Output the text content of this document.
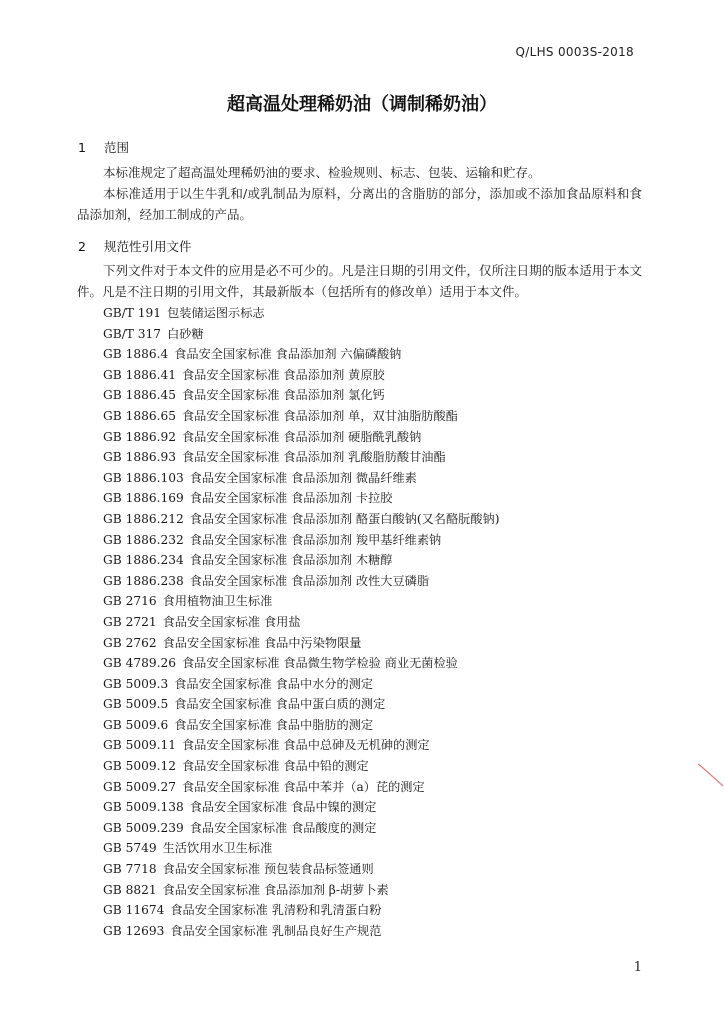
Q/LHS 0003S-2018
超高温处理稀奶油（调制稀奶油）
1 范围
本标准规定了超高温处理稀奶油的要求、检验规则、标志、包装、运输和贮存。
本标准适用于以生牛乳和/或乳制品为原料，分离出的含脂肪的部分，添加或不添加食品原料和食品添加剂，经加工制成的产品。
2 规范性引用文件
下列文件对于本文件的应用是必不可少的。凡是注日期的引用文件，仅所注日期的版本适用于本文件。凡是不注日期的引用文件，其最新版本（包括所有的修改单）适用于本文件。
GB/T 191 包装储运图示标志
GB/T 317 白砂糖
GB 1886.4 食品安全国家标准 食品添加剂 六偏磷酸钠
GB 1886.41 食品安全国家标准 食品添加剂 黄原胶
GB 1886.45 食品安全国家标准 食品添加剂 氯化钙
GB 1886.65 食品安全国家标准 食品添加剂 单，双甘油脂肪酸酯
GB 1886.92 食品安全国家标准 食品添加剂 硬脂酰乳酸钠
GB 1886.93 食品安全国家标准 食品添加剂 乳酸脂肪酸甘油酯
GB 1886.103 食品安全国家标准 食品添加剂 微晶纤维素
GB 1886.169 食品安全国家标准 食品添加剂 卡拉胶
GB 1886.212 食品安全国家标准 食品添加剂 酪蛋白酸钠(又名酪朊酸钠)
GB 1886.232 食品安全国家标准 食品添加剂 羧甲基纤维素钠
GB 1886.234 食品安全国家标准 食品添加剂 木糖醇
GB 1886.238 食品安全国家标准 食品添加剂 改性大豆磷脂
GB 2716 食用植物油卫生标准
GB 2721 食品安全国家标准 食用盐
GB 2762 食品安全国家标准 食品中污染物限量
GB 4789.26 食品安全国家标准 食品微生物学检验 商业无菌检验
GB 5009.3 食品安全国家标准 食品中水分的测定
GB 5009.5 食品安全国家标准 食品中蛋白质的测定
GB 5009.6 食品安全国家标准 食品中脂肪的测定
GB 5009.11 食品安全国家标准 食品中总砷及无机砷的测定
GB 5009.12 食品安全国家标准 食品中铅的测定
GB 5009.27 食品安全国家标准 食品中苯并（a）芘的测定
GB 5009.138 食品安全国家标准 食品中镍的测定
GB 5009.239 食品安全国家标准 食品酸度的测定
GB 5749 生活饮用水卫生标准
GB 7718 食品安全国家标准 预包装食品标签通则
GB 8821 食品安全国家标准 食品添加剂 β-胡萝卜素
GB 11674 食品安全国家标准 乳清粉和乳清蛋白粉
GB 12693 食品安全国家标准 乳制品良好生产规范
1
